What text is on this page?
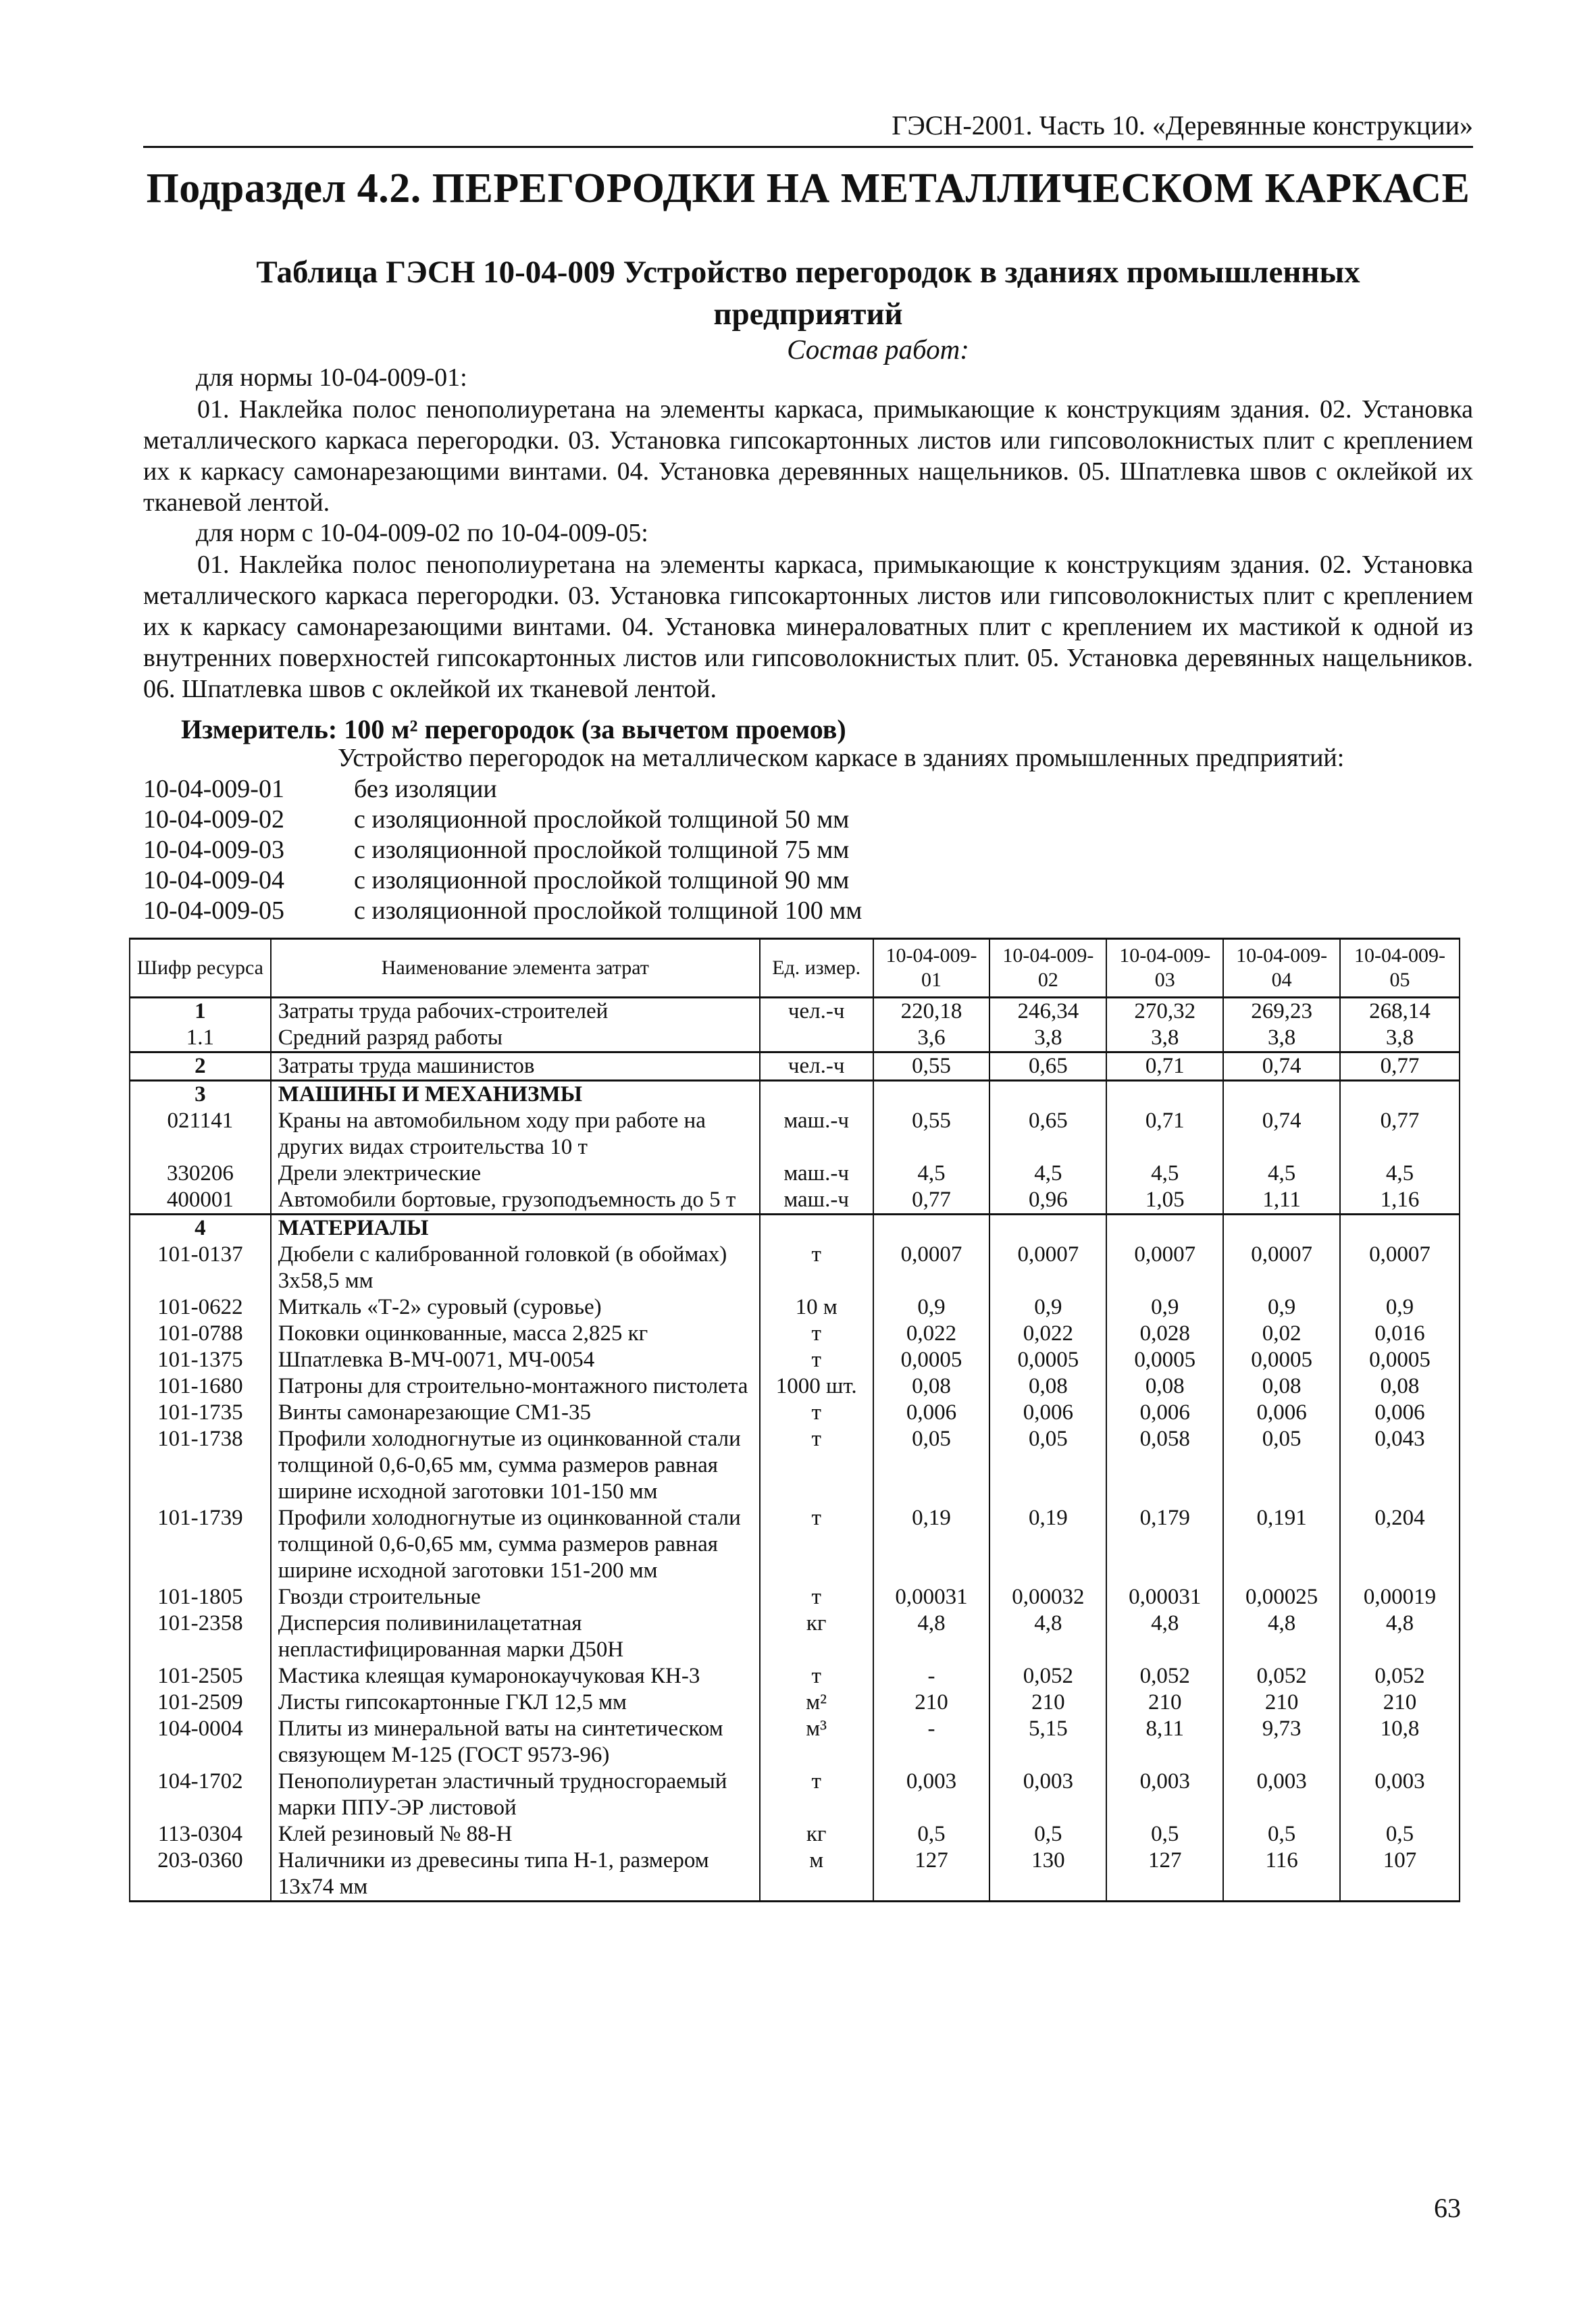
ГЭСН-2001. Часть 10. «Деревянные конструкции»
Подраздел 4.2. ПЕРЕГОРОДКИ НА МЕТАЛЛИЧЕСКОМ КАРКАСЕ
Таблица ГЭСН 10-04-009 Устройство перегородок в зданиях промышленных
предприятий
Состав работ:
для нормы 10-04-009-01:
01. Наклейка полос пенополиуретана на элементы каркаса, примыкающие к конструкциям здания. 02. Установка металлического каркаса перегородки. 03. Установка гипсокартонных листов или гипсоволокнистых плит с креплением их к каркасу самонарезающими винтами. 04. Установка деревянных нащельников. 05. Шпатлевка швов с оклейкой их тканевой лентой.
для норм с 10-04-009-02 по 10-04-009-05:
01. Наклейка полос пенополиуретана на элементы каркаса, примыкающие к конструкциям здания. 02. Установка металлического каркаса перегородки. 03. Установка гипсокартонных листов или гипсоволокнистых плит с креплением их к каркасу самонарезающими винтами. 04. Установка минераловатных плит с креплением их мастикой к одной из внутренних поверхностей гипсокартонных листов или гипсоволокнистых плит. 05. Установка деревянных нащельников. 06. Шпатлевка швов с оклейкой их тканевой лентой.
Измеритель: 100 м² перегородок (за вычетом проемов)
Устройство перегородок на металлическом каркасе в зданиях промышленных предприятий:
10-04-009-01	без изоляции
10-04-009-02	с изоляционной прослойкой толщиной 50 мм
10-04-009-03	с изоляционной прослойкой толщиной 75 мм
10-04-009-04	с изоляционной прослойкой толщиной 90 мм
10-04-009-05	с изоляционной прослойкой толщиной 100 мм
Шифр ресурса	Наименование элемента затрат	Ед. измер.	10-04-009-01	10-04-009-02	10-04-009-03	10-04-009-04	10-04-009-05
1	Затраты труда рабочих-строителей	чел.-ч	220,18	246,34	270,32	269,23	268,14
1.1	Средний разряд работы		3,6	3,8	3,8	3,8	3,8
2	Затраты труда машинистов	чел.-ч	0,55	0,65	0,71	0,74	0,77
3	МАШИНЫ И МЕХАНИЗМЫ						
021141	Краны на автомобильном ходу при работе на других видах строительства 10 т	маш.-ч	0,55	0,65	0,71	0,74	0,77
330206	Дрели электрические	маш.-ч	4,5	4,5	4,5	4,5	4,5
400001	Автомобили бортовые, грузоподъемность до 5 т	маш.-ч	0,77	0,96	1,05	1,11	1,16
4	МАТЕРИАЛЫ						
101-0137	Дюбели с калиброванной головкой (в обоймах) 3х58,5 мм	т	0,0007	0,0007	0,0007	0,0007	0,0007
101-0622	Миткаль «Т-2» суровый (суровье)	10 м	0,9	0,9	0,9	0,9	0,9
101-0788	Поковки оцинкованные, масса 2,825 кг	т	0,022	0,022	0,028	0,02	0,016
101-1375	Шпатлевка В-МЧ-0071, МЧ-0054	т	0,0005	0,0005	0,0005	0,0005	0,0005
101-1680	Патроны для строительно-монтажного пистолета	1000 шт.	0,08	0,08	0,08	0,08	0,08
101-1735	Винты самонарезающие СМ1-35	т	0,006	0,006	0,006	0,006	0,006
101-1738	Профили холодногнутые из оцинкованной стали толщиной 0,6-0,65 мм, сумма размеров равная ширине исходной заготовки 101-150 мм	т	0,05	0,05	0,058	0,05	0,043
101-1739	Профили холодногнутые из оцинкованной стали толщиной 0,6-0,65 мм, сумма размеров равная ширине исходной заготовки 151-200 мм	т	0,19	0,19	0,179	0,191	0,204
101-1805	Гвозди строительные	т	0,00031	0,00032	0,00031	0,00025	0,00019
101-2358	Дисперсия поливинилацетатная непластифицированная марки Д50Н	кг	4,8	4,8	4,8	4,8	4,8
101-2505	Мастика клеящая кумаронокаучуковая КН-3	т	-	0,052	0,052	0,052	0,052
101-2509	Листы гипсокартонные ГКЛ 12,5 мм	м²	210	210	210	210	210
104-0004	Плиты из минеральной ваты на синтетическом связующем М-125 (ГОСТ 9573-96)	м³	-	5,15	8,11	9,73	10,8
104-1702	Пенополиуретан эластичный трудносгораемый марки ППУ-ЭР листовой	т	0,003	0,003	0,003	0,003	0,003
113-0304	Клей резиновый № 88-Н	кг	0,5	0,5	0,5	0,5	0,5
203-0360	Наличники из древесины типа Н-1, размером 13х74 мм	м	127	130	127	116	107
63
